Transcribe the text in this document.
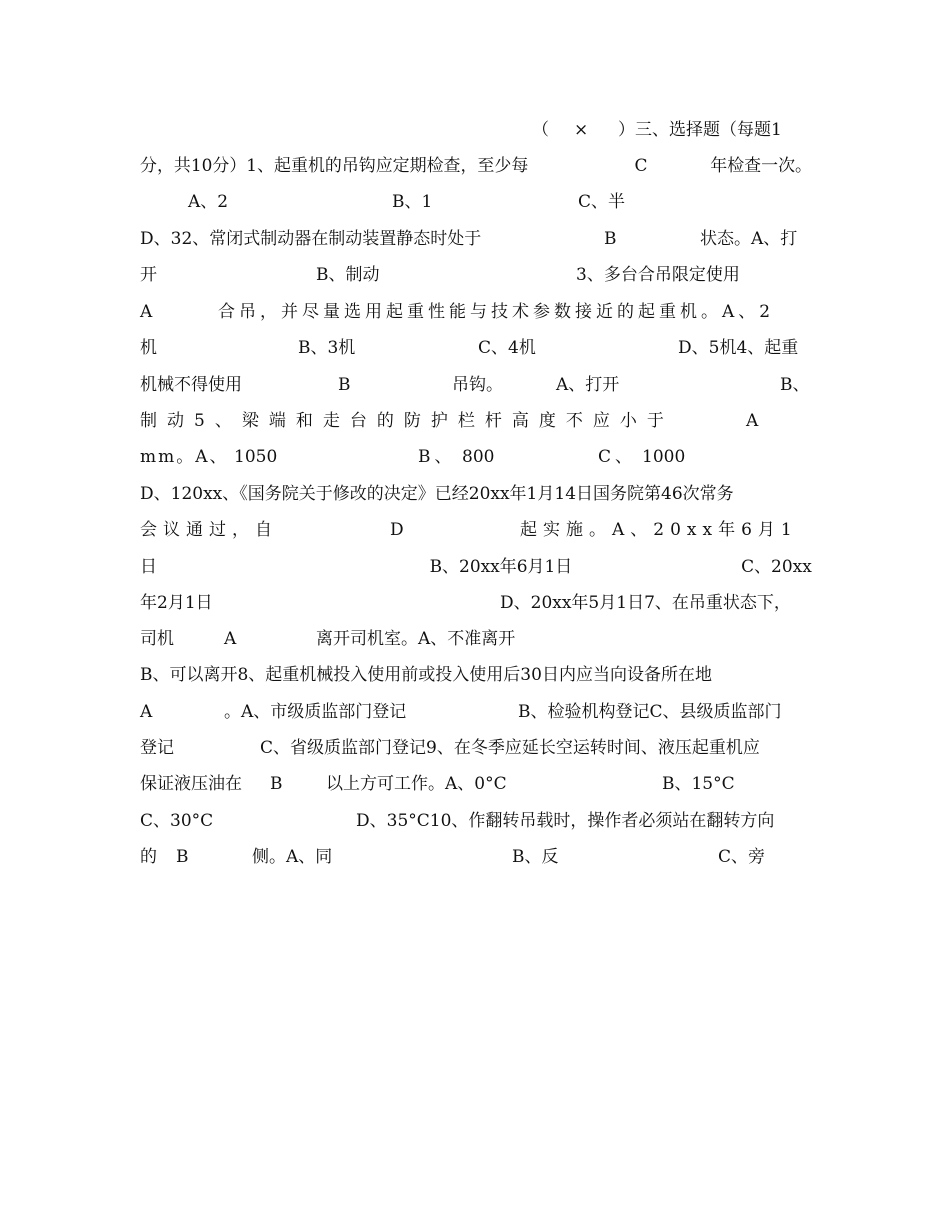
（

×

）三、选择题（每题1

分，共10分）1、起重机的吊钩应定期检查，至少每

	C

	年检查一次。

A、2

	B、1

	C、半

D、32、常闭式制动器在制动装置静态时处于

	B

	状态。A、打

开

	B、制动

	3、多台合吊限定使用

A

	合吊，并尽量选用起重性能与技术参数接近的起重机。A、2

机

	B、3机

	C、4机

	D、5机4、起重

机械不得使用

	B

	吊钩。

	A、打开

	B、

制动5、梁端和走台的防护栏杆高度不应小于

	A

mm。A、

1050

	B、

800

	C、

1000

D、120xx、《国务院关于修改的决定》已经20xx年1月14日国务院第46次常务

会议通过，自

	D

	起实施。A、20xx年6月1

日

	B、20xx年6月1日

	C、20xx

年2月1日

	D、20xx年5月1日7、在吊重状态下，

司机

	A

	离开司机室。A、不准离开

B、可以离开8、起重机械投入使用前或投入使用后30日内应当向设备所在地

A

	。A、市级质监部门登记

	B、检验机构登记C、县级质监部门

登记

	C、省级质监部门登记9、在冬季应延长空运转时间、液压起重机应

保证液压油在

B

	以上方可工作。A、0°C

	B、15°C

C、30°C

	D、35°C10、作翻转吊载时，操作者必须站在翻转方向

的

B

	侧。A、同

	B、反

	C、旁
